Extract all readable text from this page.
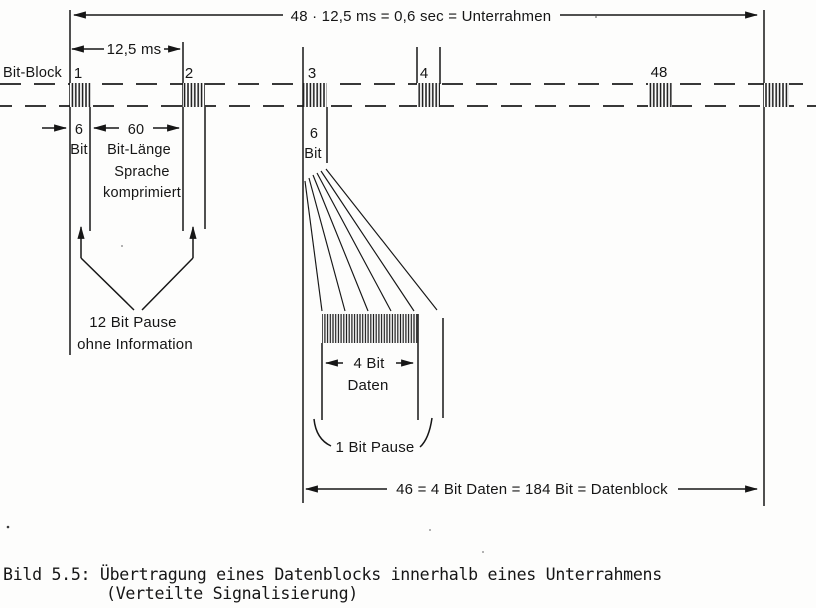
48 · 12,5 ms = 0,6 sec = Unterrahmen
12,5 ms
Bit-Block 1	2	3	4	48
6	60
Bit Bit-Länge
Sprache
komprimiert
12 Bit Pause
ohne Information
6
Bit
4 Bit
Daten
1 Bit Pause
46 = 4 Bit Daten = 184 Bit = Datenblock
Bild 5.5: Übertragung eines Datenblocks innerhalb eines Unterrahmens
(Verteilte Signalisierung)
